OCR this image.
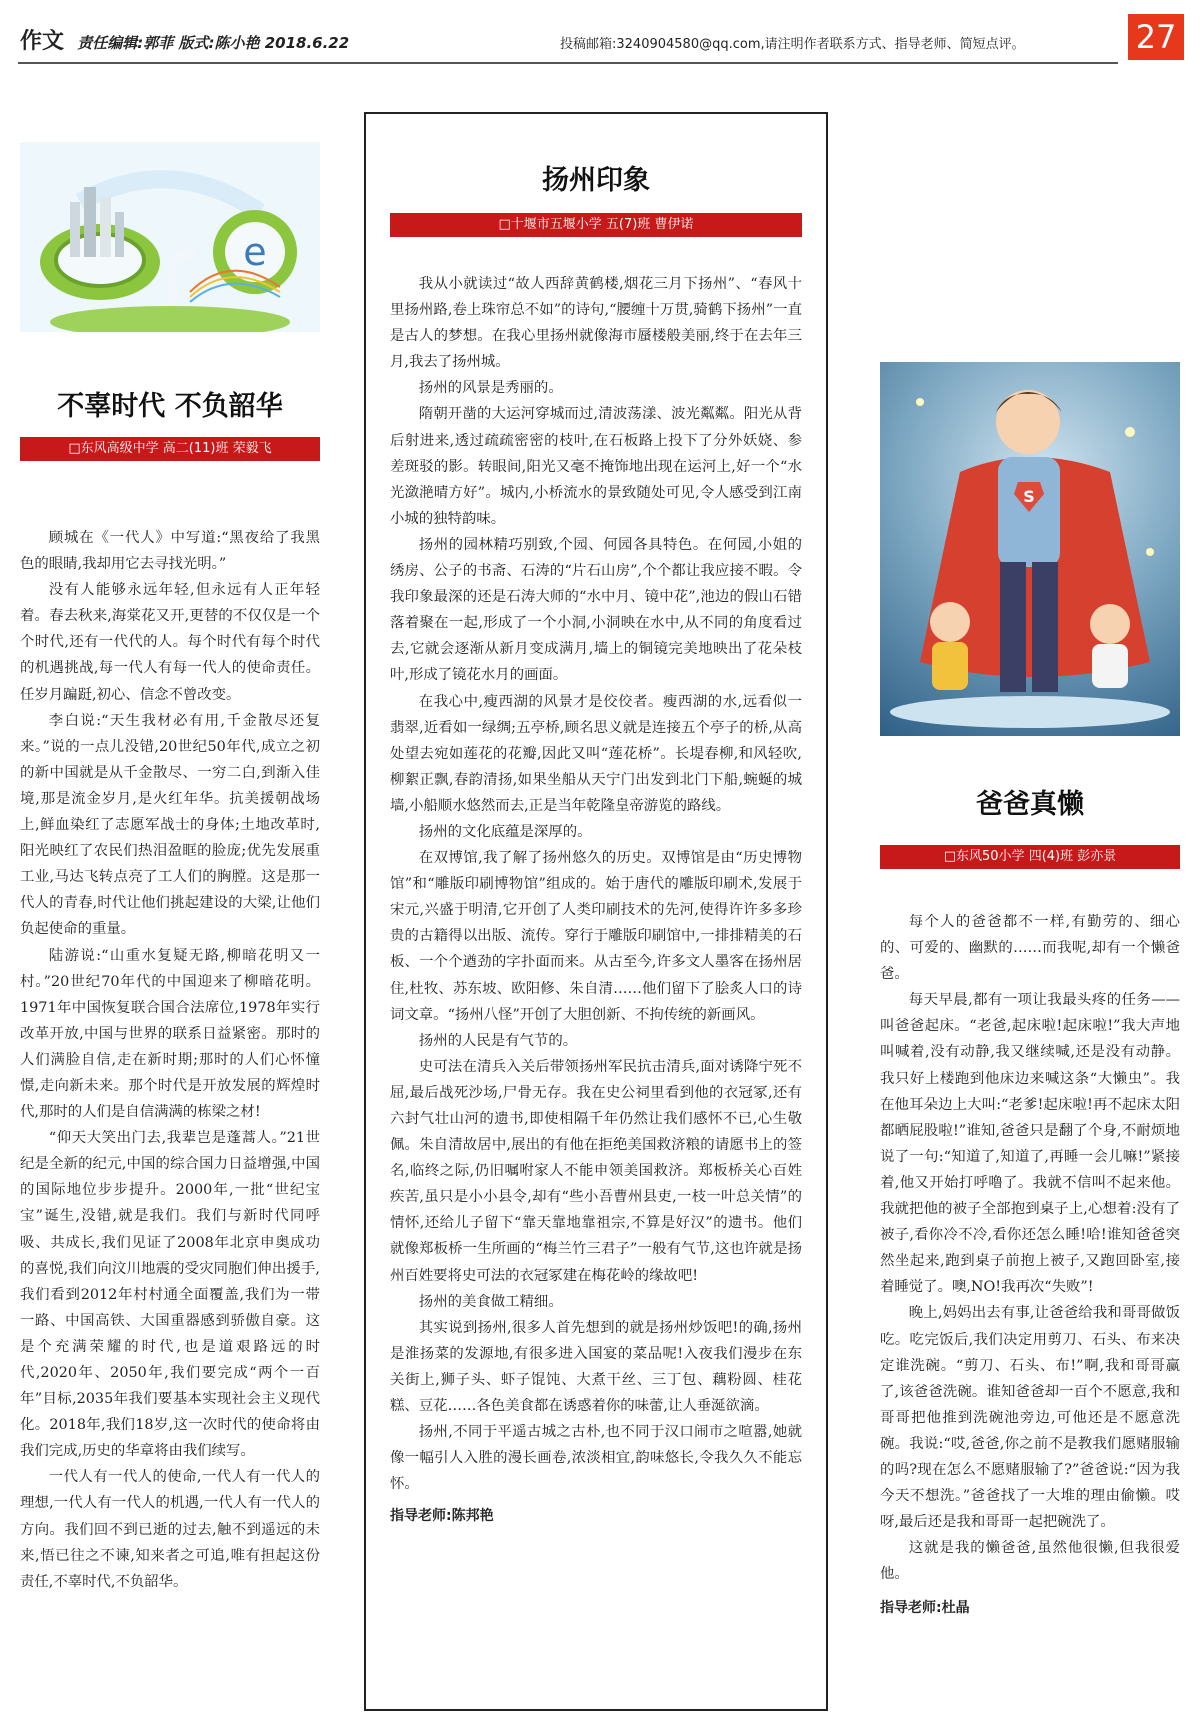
作文 责任编辑:郭菲 版式:陈小艳 2018.6.22	投稿邮箱:3240904580@qq.com,请注明作者联系方式、指导老师、简短点评。	27
e
不辜时代 不负韶华
□东风高级中学 高二(11)班 荣毅飞

顾城在《一代人》中写道:“黑夜给了我黑色的眼睛,我却用它去寻找光明。”

没有人能够永远年轻,但永远有人正年轻着。春去秋来,海棠花又开,更替的不仅仅是一个个时代,还有一代代的人。每个时代有每个时代的机遇挑战,每一代人有每一代人的使命责任。任岁月蹁跹,初心、信念不曾改变。

李白说:“天生我材必有用,千金散尽还复来。”说的一点儿没错,20世纪50年代,成立之初的新中国就是从千金散尽、一穷二白,到渐入佳境,那是流金岁月,是火红年华。抗美援朝战场上,鲜血染红了志愿军战士的身体;土地改革时,阳光映红了农民们热泪盈眶的脸庞;优先发展重工业,马达飞转点亮了工人们的胸膛。这是那一代人的青春,时代让他们挑起建设的大梁,让他们负起使命的重量。

陆游说:“山重水复疑无路,柳暗花明又一村。”20世纪70年代的中国迎来了柳暗花明。1971年中国恢复联合国合法席位,1978年实行改革开放,中国与世界的联系日益紧密。那时的人们满脸自信,走在新时期;那时的人们心怀憧憬,走向新未来。那个时代是开放发展的辉煌时代,那时的人们是自信满满的栋梁之材!

“仰天大笑出门去,我辈岂是蓬蒿人。”21世纪是全新的纪元,中国的综合国力日益增强,中国的国际地位步步提升。2000年,一批“世纪宝宝”诞生,没错,就是我们。我们与新时代同呼吸、共成长,我们见证了2008年北京申奥成功的喜悦,我们向汶川地震的受灾同胞们伸出援手,我们看到2012年村村通全面覆盖,我们为一带一路、中国高铁、大国重器感到骄傲自豪。这是个充满荣耀的时代,也是道艰路远的时代,2020年、2050年,我们要完成“两个一百年”目标,2035年我们要基本实现社会主义现代化。2018年,我们18岁,这一次时代的使命将由我们完成,历史的华章将由我们续写。

一代人有一代人的使命,一代人有一代人的理想,一代人有一代人的机遇,一代人有一代人的方向。我们回不到已逝的过去,触不到遥远的未来,悟已往之不谏,知来者之可追,唯有担起这份责任,不辜时代,不负韶华。

扬州印象
□十堰市五堰小学 五(7)班 曹伊诺

我从小就读过“故人西辞黄鹤楼,烟花三月下扬州”、“春风十里扬州路,卷上珠帘总不如”的诗句,“腰缠十万贯,骑鹤下扬州”一直是古人的梦想。在我心里扬州就像海市蜃楼般美丽,终于在去年三月,我去了扬州城。

扬州的风景是秀丽的。

隋朝开凿的大运河穿城而过,清波荡漾、波光粼粼。阳光从背后射进来,透过疏疏密密的枝叶,在石板路上投下了分外妖娆、参差斑驳的影。转眼间,阳光又毫不掩饰地出现在运河上,好一个“水光潋滟晴方好”。城内,小桥流水的景致随处可见,令人感受到江南小城的独特韵味。

扬州的园林精巧别致,个园、何园各具特色。在何园,小姐的绣房、公子的书斋、石涛的“片石山房”,个个都让我应接不暇。令我印象最深的还是石涛大师的“水中月、镜中花”,池边的假山石错落着聚在一起,形成了一个小洞,小洞映在水中,从不同的角度看过去,它就会逐渐从新月变成满月,墙上的铜镜完美地映出了花朵枝叶,形成了镜花水月的画面。

在我心中,瘦西湖的风景才是佼佼者。瘦西湖的水,远看似一翡翠,近看如一绿绸;五亭桥,顾名思义就是连接五个亭子的桥,从高处望去宛如莲花的花瓣,因此又叫“莲花桥”。长堤春柳,和风轻吹,柳絮正飘,春韵清扬,如果坐船从天宁门出发到北门下船,蜿蜒的城墙,小船顺水悠然而去,正是当年乾隆皇帝游览的路线。

扬州的文化底蕴是深厚的。

在双博馆,我了解了扬州悠久的历史。双博馆是由“历史博物馆”和“雕版印刷博物馆”组成的。始于唐代的雕版印刷术,发展于宋元,兴盛于明清,它开创了人类印刷技术的先河,使得许许多多珍贵的古籍得以出版、流传。穿行于雕版印刷馆中,一排排精美的石板、一个个遒劲的字扑面而来。从古至今,许多文人墨客在扬州居住,杜牧、苏东坡、欧阳修、朱自清……他们留下了脍炙人口的诗词文章。“扬州八怪”开创了大胆创新、不拘传统的新画风。

扬州的人民是有气节的。

史可法在清兵入关后带领扬州军民抗击清兵,面对诱降宁死不屈,最后战死沙场,尸骨无存。我在史公祠里看到他的衣冠冢,还有六封气壮山河的遗书,即使相隔千年仍然让我们感怀不已,心生敬佩。朱自清故居中,展出的有他在拒绝美国救济粮的请愿书上的签名,临终之际,仍旧嘱咐家人不能申领美国救济。郑板桥关心百姓疾苦,虽只是小小县令,却有“些小吾曹州县吏,一枝一叶总关情”的情怀,还给儿子留下“靠天靠地靠祖宗,不算是好汉”的遗书。他们就像郑板桥一生所画的“梅兰竹三君子”一般有气节,这也许就是扬州百姓要将史可法的衣冠冢建在梅花岭的缘故吧!

扬州的美食做工精细。

其实说到扬州,很多人首先想到的就是扬州炒饭吧!的确,扬州是淮扬菜的发源地,有很多进入国宴的菜品呢!入夜我们漫步在东关街上,狮子头、虾子馄饨、大煮干丝、三丁包、藕粉圆、桂花糕、豆花……各色美食都在诱惑着你的味蕾,让人垂涎欲滴。

扬州,不同于平遥古城之古朴,也不同于汉口闹市之喧嚣,她就像一幅引人入胜的漫长画卷,浓淡相宜,韵味悠长,令我久久不能忘怀。

指导老师:陈邦艳
S
爸爸真懒
□东风50小学 四(4)班 彭亦景

每个人的爸爸都不一样,有勤劳的、细心的、可爱的、幽默的……而我呢,却有一个懒爸爸。

每天早晨,都有一项让我最头疼的任务——叫爸爸起床。“老爸,起床啦!起床啦!”我大声地叫喊着,没有动静,我又继续喊,还是没有动静。我只好上楼跑到他床边来喊这条“大懒虫”。我在他耳朵边上大叫:“老爹!起床啦!再不起床太阳都晒屁股啦!”谁知,爸爸只是翻了个身,不耐烦地说了一句:“知道了,知道了,再睡一会儿嘛!”紧接着,他又开始打呼噜了。我就不信叫不起来他。我就把他的被子全部抱到桌子上,心想着:没有了被子,看你冷不冷,看你还怎么睡!哈!谁知爸爸突然坐起来,跑到桌子前抱上被子,又跑回卧室,接着睡觉了。噢,NO!我再次“失败”!

晚上,妈妈出去有事,让爸爸给我和哥哥做饭吃。吃完饭后,我们决定用剪刀、石头、布来决定谁洗碗。“剪刀、石头、布!”啊,我和哥哥赢了,该爸爸洗碗。谁知爸爸却一百个不愿意,我和哥哥把他推到洗碗池旁边,可他还是不愿意洗碗。我说:“哎,爸爸,你之前不是教我们愿赌服输的吗?现在怎么不愿赌服输了?”爸爸说:“因为我今天不想洗。”爸爸找了一大堆的理由偷懒。哎呀,最后还是我和哥哥一起把碗洗了。

这就是我的懒爸爸,虽然他很懒,但我很爱他。

指导老师:杜晶
